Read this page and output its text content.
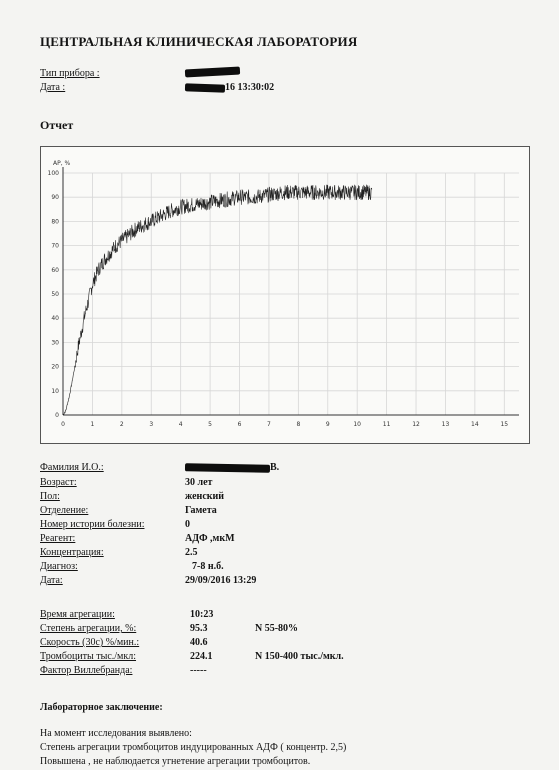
ЦЕНТРАЛЬНАЯ КЛИНИЧЕСКАЯ ЛАБОРАТОРИЯ
Тип прибора :
Дата :	16 13:30:02
Отчет
0	1	2	3	4	5	6	7	8	9	10	11	12	13	14	15
0
10
20
30
40
50
60
70
80
90
100
АР, %
Фамилия И.О.:	В.
Возраст:	30 лет
Пол:	женский
Отделение:	Гамета
Номер истории болезни:	0
Реагент:	АДФ ,мкМ
Концентрация:	2.5
Диагноз:	7-8 н.б.
Дата:	29/09/2016 13:29
Время агрегации:	10:23
Степень агрегации, %:	95.3	N 55-80%
Скорость (30с) %/мин.:	40.6
Тромбоциты тыс./мкл:	224.1	N 150-400 тыс./мкл.
Фактор Виллебранда:	-----
Лабораторное заключение:
На момент исследования выявлено:
Степень агрегации тромбоцитов индуцированных АДФ ( концентр. 2,5)
Повышена , не наблюдается угнетение агрегации тромбоцитов.
